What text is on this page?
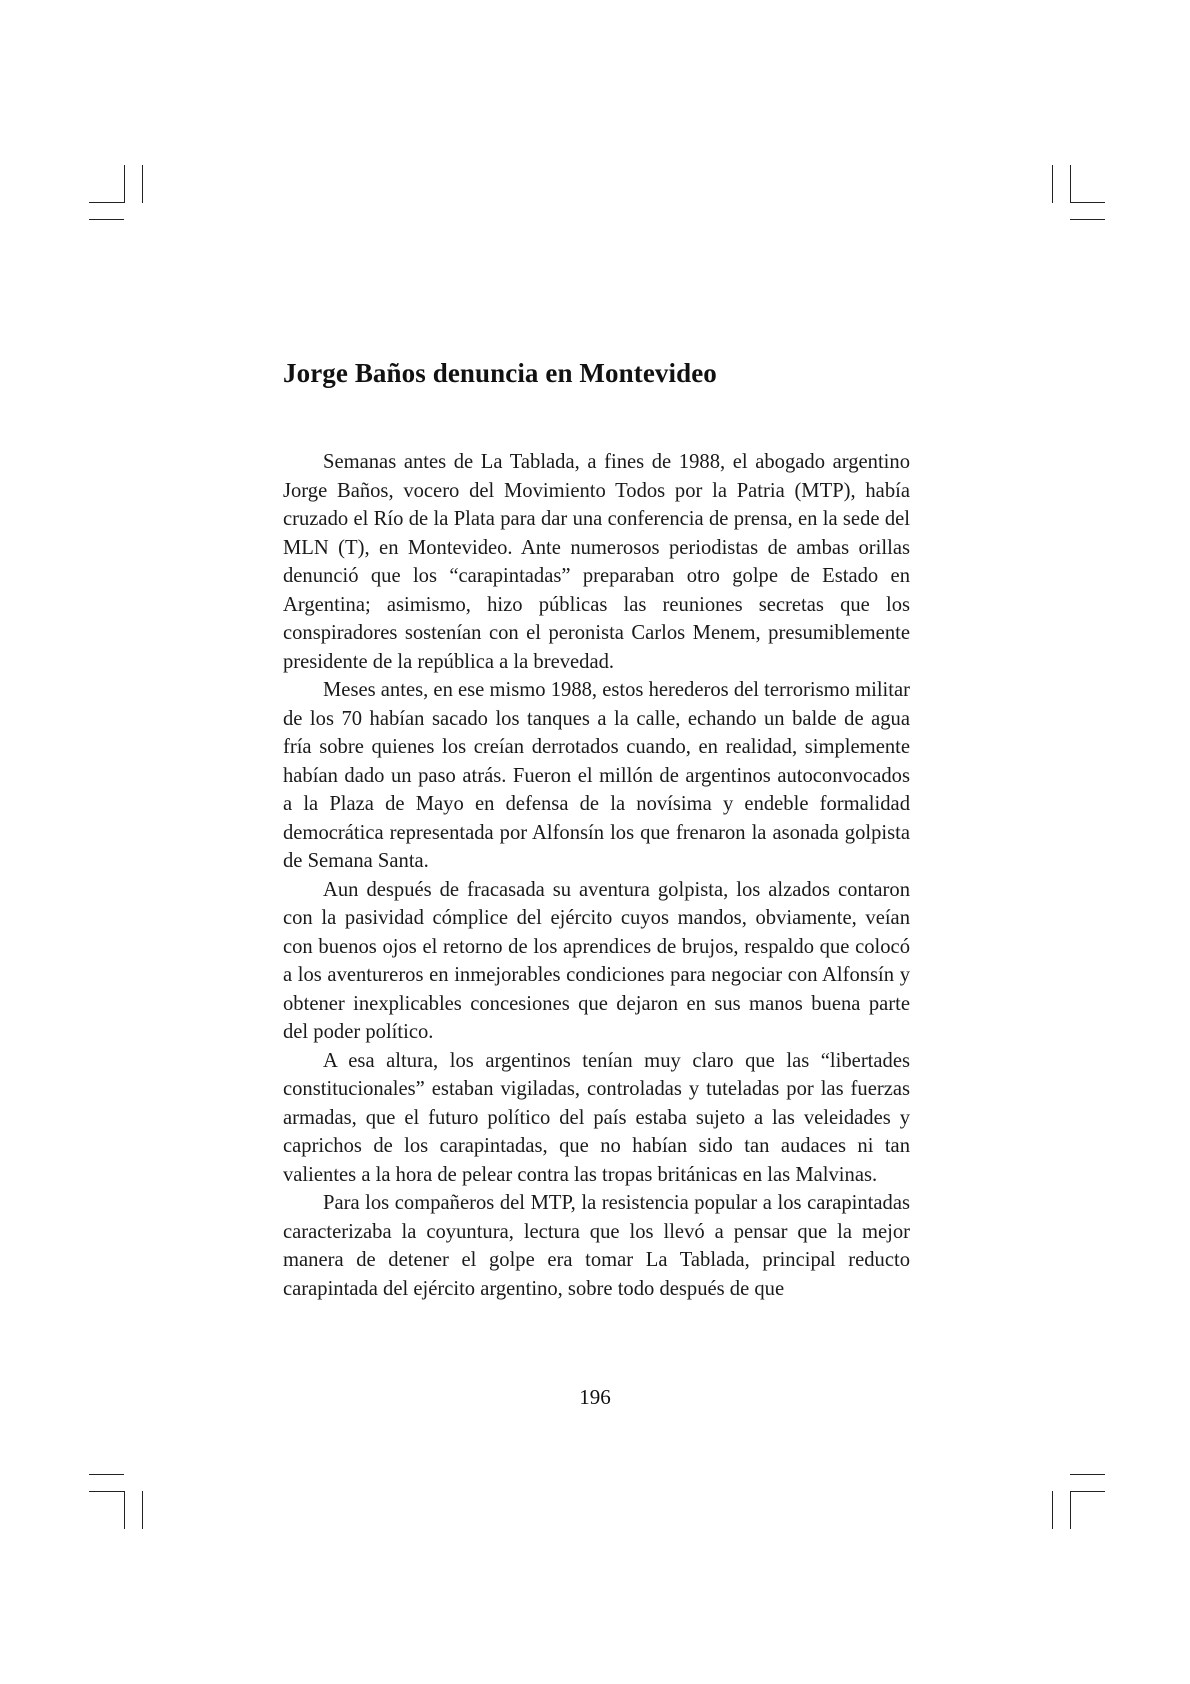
Jorge Baños denuncia en Montevideo

Semanas antes de La Tablada, a fines de 1988, el abogado argentino Jorge Baños, vocero del Movimiento Todos por la Patria (MTP), había cruzado el Río de la Plata para dar una conferencia de prensa, en la sede del MLN (T), en Montevideo. Ante numerosos periodistas de ambas orillas denunció que los “carapintadas” preparaban otro golpe de Estado en Argentina; asimismo, hizo públicas las reuniones secretas que los conspiradores sostenían con el peronista Carlos Menem, presumiblemente presidente de la república a la brevedad.

Meses antes, en ese mismo 1988, estos herederos del terrorismo militar de los 70 habían sacado los tanques a la calle, echando un balde de agua fría sobre quienes los creían derrotados cuando, en realidad, simplemente habían dado un paso atrás. Fueron el millón de argentinos autoconvocados a la Plaza de Mayo en defensa de la novísima y endeble formalidad democrática representada por Alfonsín los que frenaron la asonada golpista de Semana Santa.

Aun después de fracasada su aventura golpista, los alzados contaron con la pasividad cómplice del ejército cuyos mandos, obviamente, veían con buenos ojos el retorno de los aprendices de brujos, respaldo que colocó a los aventureros en inmejorables condiciones para negociar con Alfonsín y obtener inexplicables concesiones que dejaron en sus manos buena parte del poder político.

A esa altura, los argentinos tenían muy claro que las “libertades constitucionales” estaban vigiladas, controladas y tuteladas por las fuerzas armadas, que el futuro político del país estaba sujeto a las veleidades y caprichos de los carapintadas, que no habían sido tan audaces ni tan valientes a la hora de pelear contra las tropas británicas en las Malvinas.

Para los compañeros del MTP, la resistencia popular a los carapintadas caracterizaba la coyuntura, lectura que los llevó a pensar que la mejor manera de detener el golpe era tomar La Tablada, principal reducto carapintada del ejército argentino, sobre todo después de que

196
